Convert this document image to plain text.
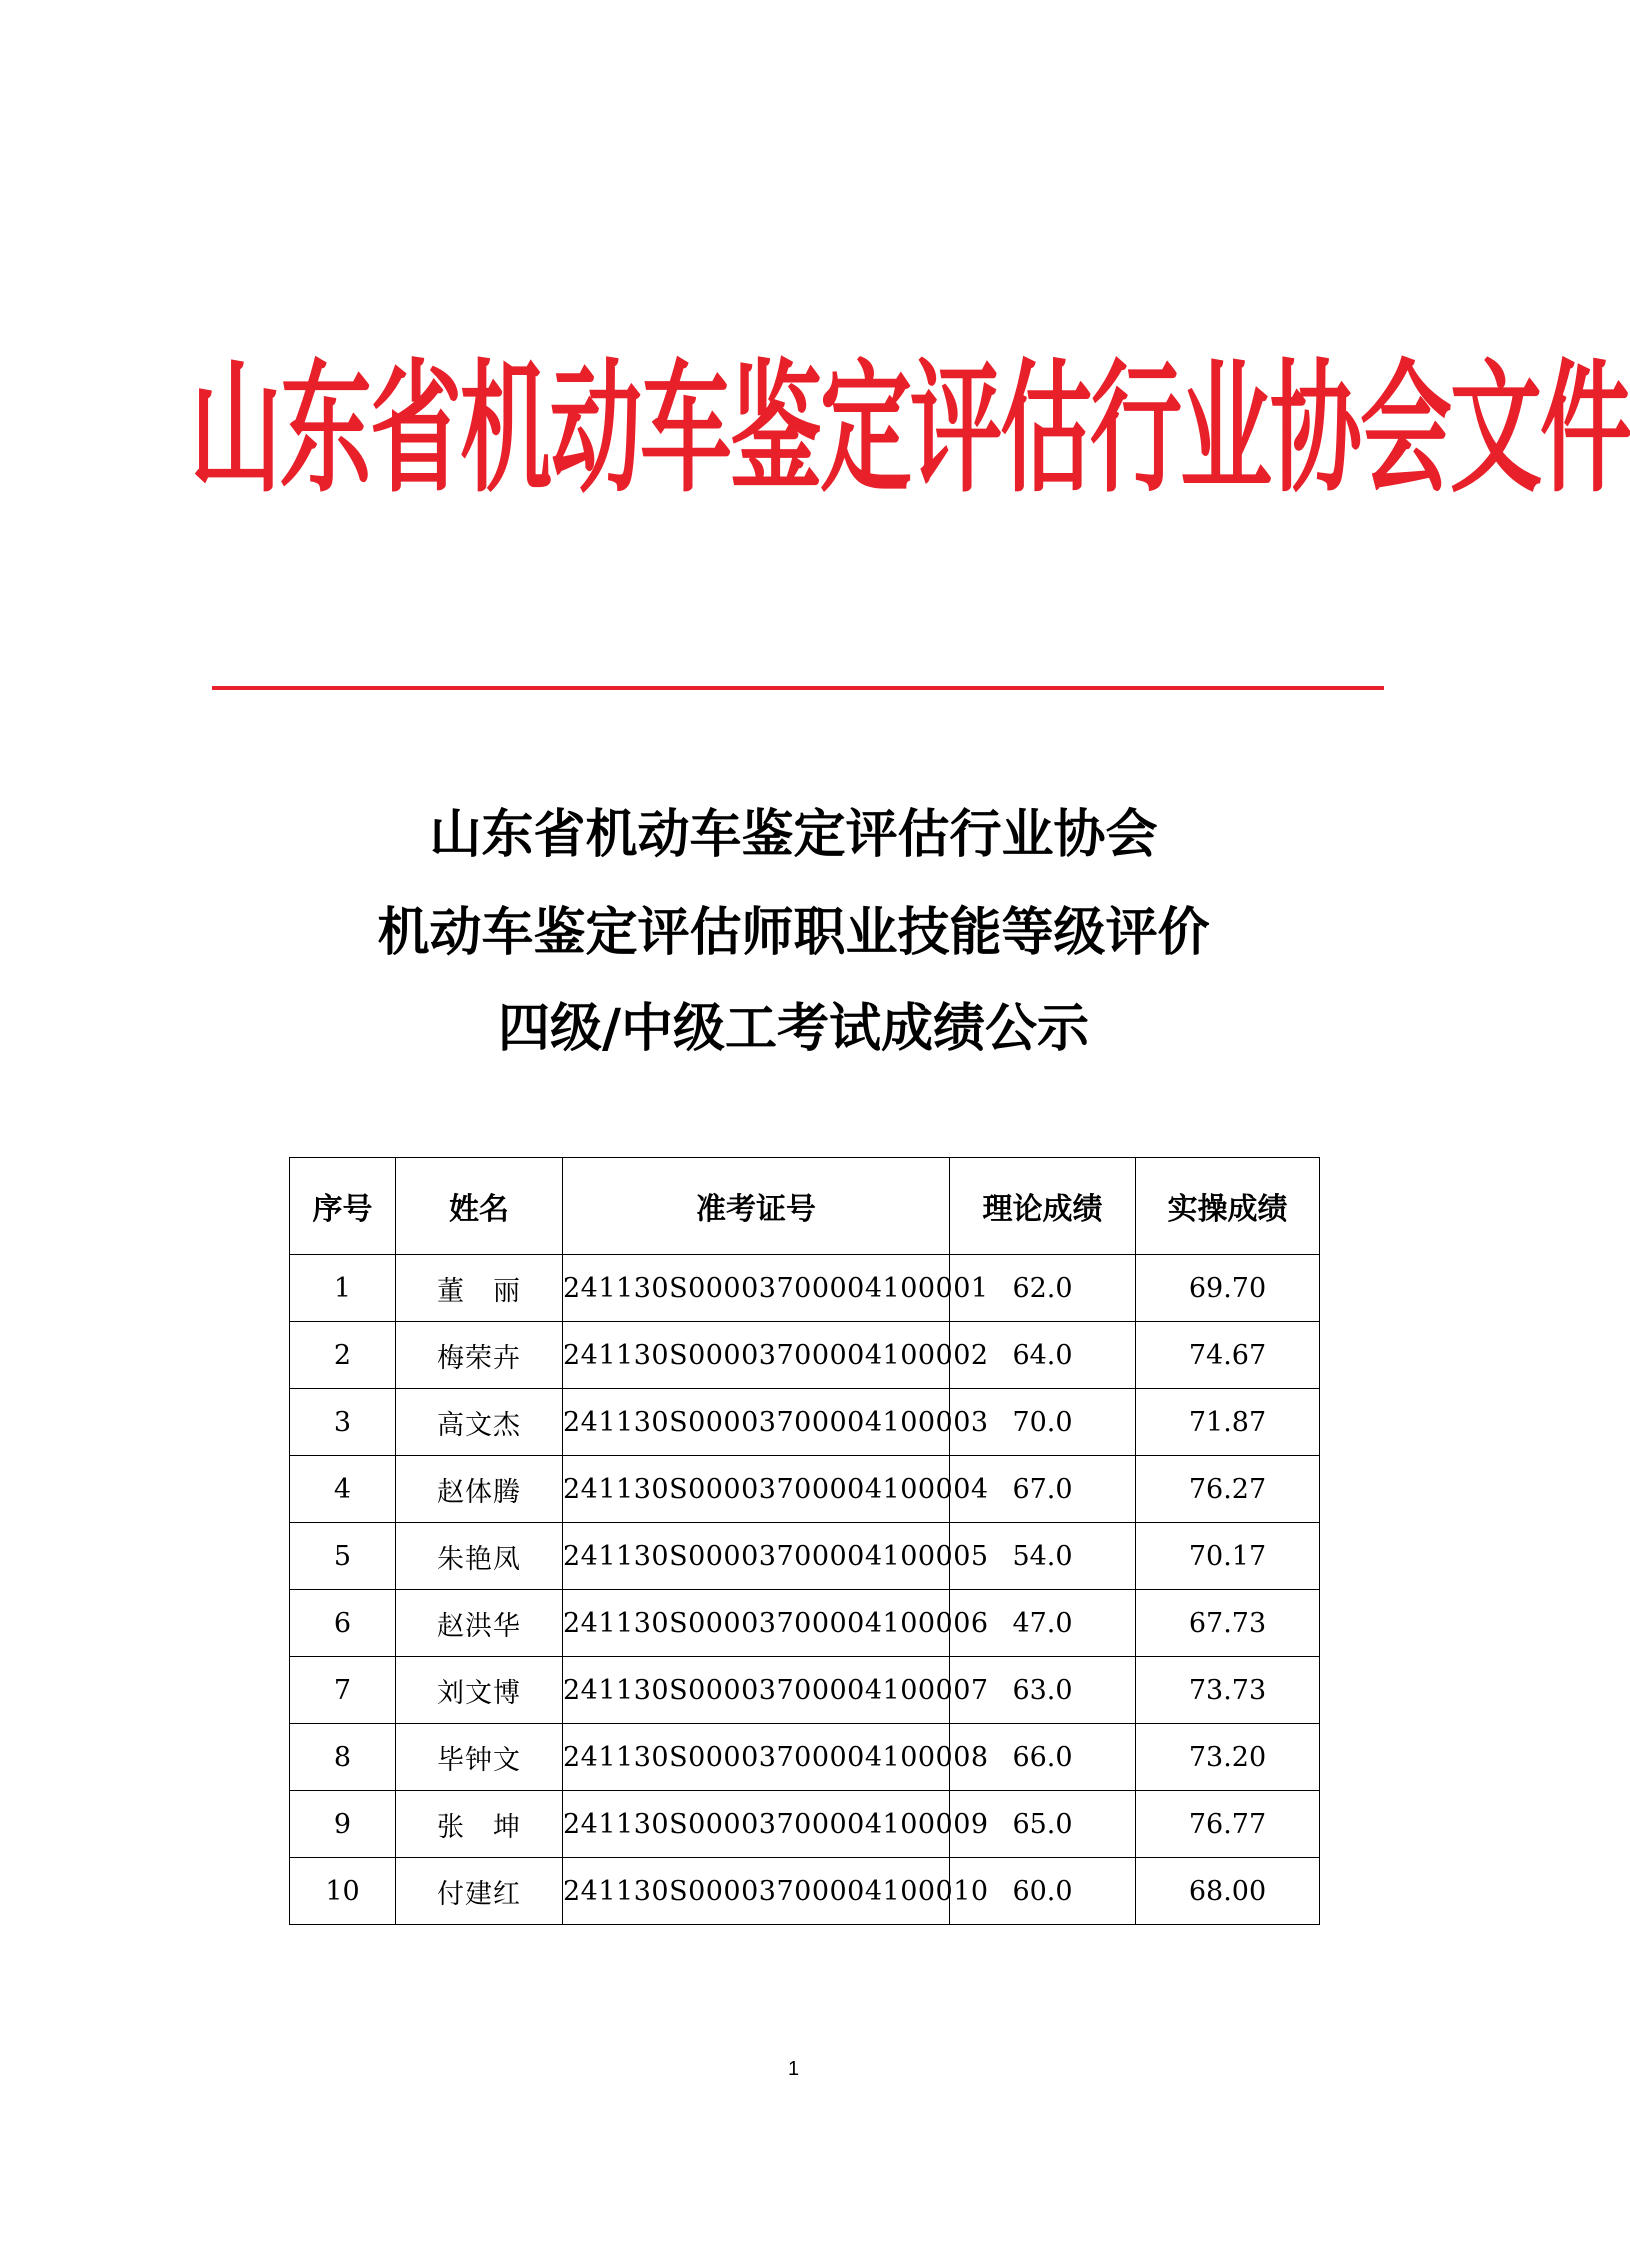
山东省机动车鉴定评估行业协会文件
山东省机动车鉴定评估行业协会
机动车鉴定评估师职业技能等级评价
四级/中级工考试成绩公示
序号	姓名	准考证号	理论成绩	实操成绩
1	董　丽	241130S00003700004100001	62.0	69.70
2	梅荣卉	241130S00003700004100002	64.0	74.67
3	高文杰	241130S00003700004100003	70.0	71.87
4	赵体腾	241130S00003700004100004	67.0	76.27
5	朱艳凤	241130S00003700004100005	54.0	70.17
6	赵洪华	241130S00003700004100006	47.0	67.73
7	刘文博	241130S00003700004100007	63.0	73.73
8	毕钟文	241130S00003700004100008	66.0	73.20
9	张　坤	241130S00003700004100009	65.0	76.77
10	付建红	241130S00003700004100010	60.0	68.00
1
